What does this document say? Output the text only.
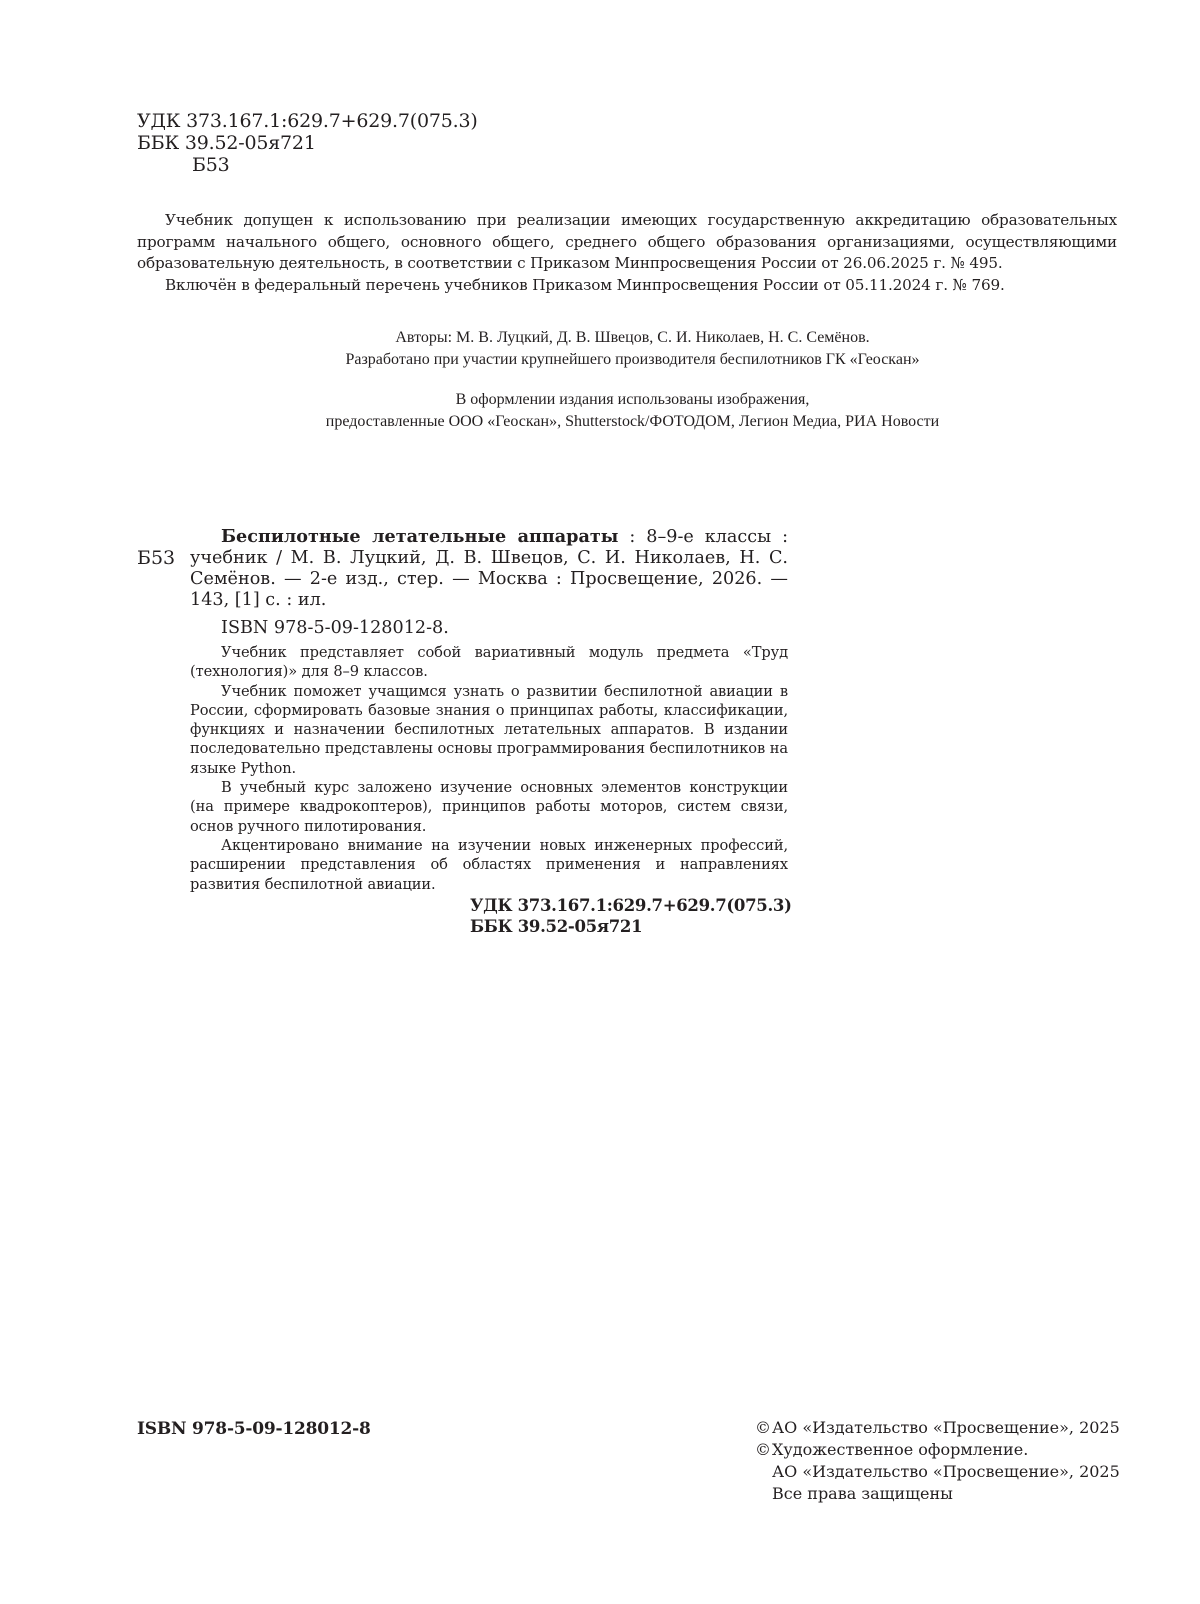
УДК 373.167.1:629.7+629.7(075.3)
ББК 39.52-05я721
Б53

Учебник допущен к использованию при реализации имеющих государственную аккредитацию образовательных программ начального общего, основного общего, среднего общего образования организациями, осуществляющими образовательную деятельность, в соответствии с Приказом Минпросвещения России от 26.06.2025 г. № 495.

Включён в федеральный перечень учебников Приказом Минпросвещения России от 05.11.2024 г. № 769.

Авторы: М. В. Луцкий, Д. В. Швецов, С. И. Николаев, Н. С. Семёнов.

Разработано при участии крупнейшего производителя беспилотников ГК «Геоскан»

В оформлении издания использованы изображения,

предоставленные ООО «Геоскан», Shutterstock/ФОТОДОМ, Легион Медиа, РИА Новости

Б53
Беспилотные летательные аппараты : 8–9-е классы : учебник / М. В. Луцкий, Д. В. Швецов, С. И. Николаев, Н. С. Семёнов. — 2-е изд., стер. — Москва : Просвещение, 2026. — 143, [1] с. : ил.
ISBN 978-5-09-128012-8.

Учебник представляет собой вариативный модуль предмета «Труд (технология)» для 8–9 классов.

Учебник поможет учащимся узнать о развитии беспилотной авиации в России, сформировать базовые знания о принципах работы, классификации, функциях и назначении беспилотных летательных аппаратов. В издании последовательно представлены основы программирования беспилотников на языке Python.

В учебный курс заложено изучение основных элементов конструкции (на примере квадрокоптеров), принципов работы моторов, систем связи, основ ручного пилотирования.

Акцентировано внимание на изучении новых инженерных профессий, расширении представления об областях применения и направлениях развития беспилотной авиации.

УДК 373.167.1:629.7+629.7(075.3)
ББК 39.52-05я721
ISBN 978-5-09-128012-8	© АО «Издательство «Просвещение», 2025
© Художественное оформление.
АО «Издательство «Просвещение», 2025
Все права защищены
